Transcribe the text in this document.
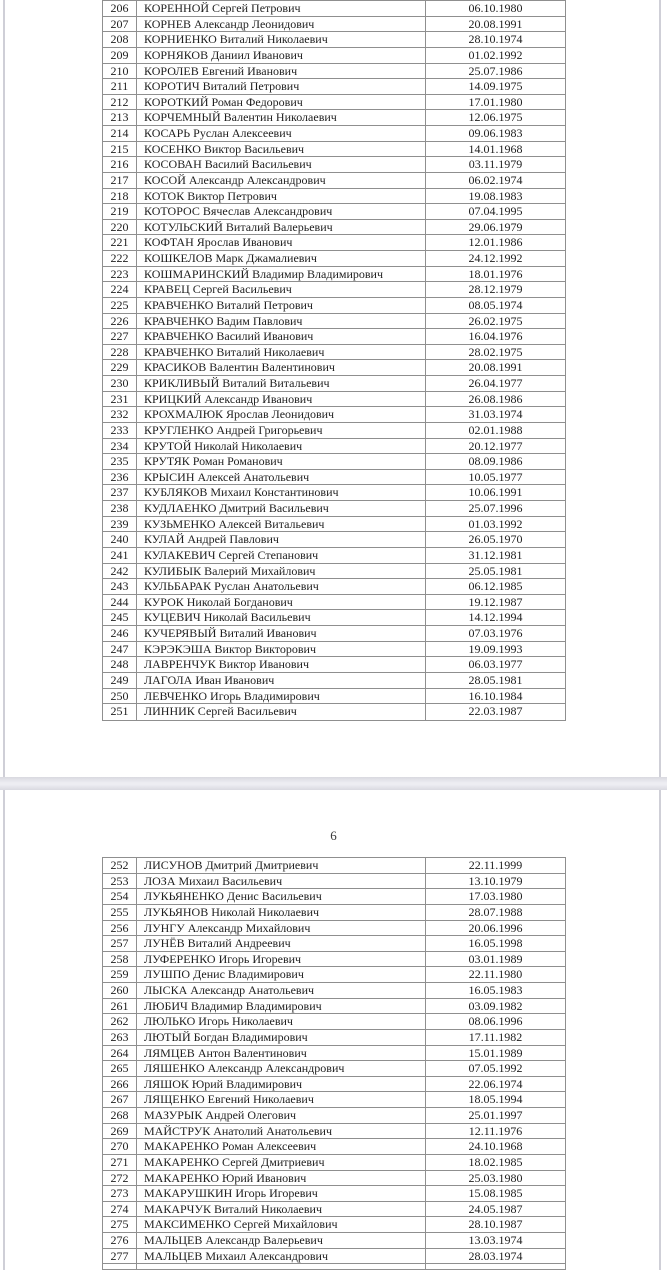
206	КОРЕННОЙ Сергей Петрович	06.10.1980
207	КОРНЕВ Александр Леонидович	20.08.1991
208	КОРНИЕНКО Виталий Николаевич	28.10.1974
209	КОРНЯКОВ Даниил Иванович	01.02.1992
210	КОРОЛЕВ Евгений Иванович	25.07.1986
211	КОРОТИЧ Виталий Петрович	14.09.1975
212	КОРОТКИЙ Роман Федорович	17.01.1980
213	КОРЧЕМНЫЙ Валентин Николаевич	12.06.1975
214	КОСАРЬ Руслан Алексеевич	09.06.1983
215	КОСЕНКО Виктор Васильевич	14.01.1968
216	КОСОВАН Василий Васильевич	03.11.1979
217	КОСОЙ Александр Александрович	06.02.1974
218	КОТОК Виктор Петрович	19.08.1983
219	КОТОРОС Вячеслав Александрович	07.04.1995
220	КОТУЛЬСКИЙ Виталий Валерьевич	29.06.1979
221	КОФТАН Ярослав Иванович	12.01.1986
222	КОШКЕЛОВ Марк Джамалиевич	24.12.1992
223	КОШМАРИНСКИЙ Владимир Владимирович	18.01.1976
224	КРАВЕЦ Сергей Васильевич	28.12.1979
225	КРАВЧЕНКО Виталий Петрович	08.05.1974
226	КРАВЧЕНКО Вадим Павлович	26.02.1975
227	КРАВЧЕНКО Василий Иванович	16.04.1976
228	КРАВЧЕНКО Виталий Николаевич	28.02.1975
229	КРАСИКОВ Валентин Валентинович	20.08.1991
230	КРИКЛИВЫЙ Виталий Витальевич	26.04.1977
231	КРИЦКИЙ Александр Иванович	26.08.1986
232	КРОХМАЛЮК Ярослав Леонидович	31.03.1974
233	КРУГЛЕНКО Андрей Григорьевич	02.01.1988
234	КРУТОЙ Николай Николаевич	20.12.1977
235	КРУТЯК Роман Романович	08.09.1986
236	КРЫСИН Алексей Анатольевич	10.05.1977
237	КУБЛЯКОВ Михаил Константинович	10.06.1991
238	КУДЛАЕНКО Дмитрий Васильевич	25.07.1996
239	КУЗЬМЕНКО Алексей Витальевич	01.03.1992
240	КУЛАЙ Андрей Павлович	26.05.1970
241	КУЛАКЕВИЧ Сергей Степанович	31.12.1981
242	КУЛИБЫК Валерий Михайлович	25.05.1981
243	КУЛЬБАРАК Руслан Анатольевич	06.12.1985
244	КУРОК Николай Богданович	19.12.1987
245	КУЦЕВИЧ Николай Васильевич	14.12.1994
246	КУЧЕРЯВЫЙ Виталий Иванович	07.03.1976
247	КЭРЭКЭША Виктор Викторович	19.09.1993
248	ЛАВРЕНЧУК Виктор Иванович	06.03.1977
249	ЛАГОЛА Иван Иванович	28.05.1981
250	ЛЕВЧЕНКО Игорь Владимирович	16.10.1984
251	ЛИННИК Сергей Васильевич	22.03.1987
6
252	ЛИСУНОВ Дмитрий Дмитриевич	22.11.1999
253	ЛОЗА Михаил Васильевич	13.10.1979
254	ЛУКЬЯНЕНКО Денис Васильевич	17.03.1980
255	ЛУКЬЯНОВ Николай Николаевич	28.07.1988
256	ЛУНГУ Александр Михайлович	20.06.1996
257	ЛУНЁВ Виталий Андреевич	16.05.1998
258	ЛУФЕРЕНКО Игорь Игоревич	03.01.1989
259	ЛУШПО Денис Владимирович	22.11.1980
260	ЛЫСКА Александр Анатольевич	16.05.1983
261	ЛЮБИЧ Владимир Владимирович	03.09.1982
262	ЛЮЛЬКО Игорь Николаевич	08.06.1996
263	ЛЮТЫЙ Богдан Владимирович	17.11.1982
264	ЛЯМЦЕВ Антон Валентинович	15.01.1989
265	ЛЯШЕНКО Александр Александрович	07.05.1992
266	ЛЯШОК Юрий Владимирович	22.06.1974
267	ЛЯЩЕНКО Евгений Николаевич	18.05.1994
268	МАЗУРЫК Андрей Олегович	25.01.1997
269	МАЙСТРУК Анатолий Анатольевич	12.11.1976
270	МАКАРЕНКО Роман Алексеевич	24.10.1968
271	МАКАРЕНКО Сергей Дмитриевич	18.02.1985
272	МАКАРЕНКО Юрий Иванович	25.03.1980
273	МАКАРУШКИН Игорь Игоревич	15.08.1985
274	МАКАРЧУК Виталий Николаевич	24.05.1987
275	МАКСИМЕНКО Сергей Михайлович	28.10.1987
276	МАЛЬЦЕВ Александр Валерьевич	13.03.1974
277	МАЛЬЦЕВ Михаил Александрович	28.03.1974
